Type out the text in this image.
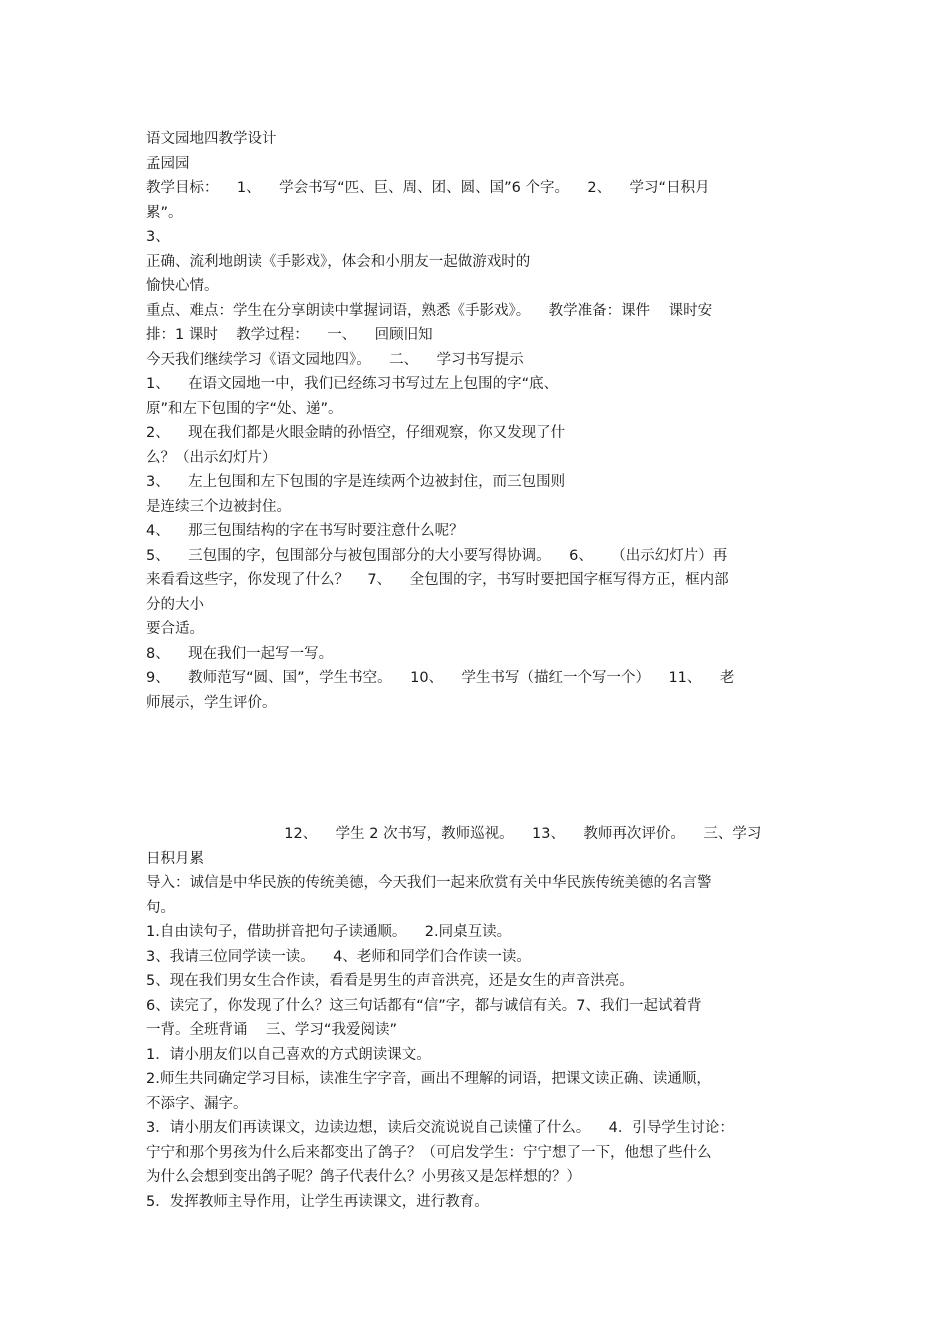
语文园地四教学设计
孟园园
教学目标：    1、    学会书写“匹、巨、周、团、圆、国”6 个字。    2、    学习“日积月
累”。
3、
正确、流利地朗读《手影戏》，体会和小朋友一起做游戏时的
愉快心情。
重点、难点：学生在分享朗读中掌握词语，熟悉《手影戏》。    教学准备：课件    课时安
排：1 课时    教学过程：    一、    回顾旧知
今天我们继续学习《语文园地四》。    二、    学习书写提示
1、    在语文园地一中，我们已经练习书写过左上包围的字“底、
原”和左下包围的字“处、递”。
2、    现在我们都是火眼金睛的孙悟空，仔细观察，你又发现了什
么？（出示幻灯片）
3、    左上包围和左下包围的字是连续两个边被封住，而三包围则
是连续三个边被封住。
4、    那三包围结构的字在书写时要注意什么呢？
5、    三包围的字，包围部分与被包围部分的大小要写得协调。    6、    （出示幻灯片）再
来看看这些字，你发现了什么？    7、    全包围的字，书写时要把国字框写得方正，框内部
分的大小
要合适。
8、    现在我们一起写一写。
9、    教师范写“圆、国”，学生书空。    10、    学生书写（描红一个写一个）    11、    老
师展示，学生评价。
12、    学生 2 次书写，教师巡视。    13、    教师再次评价。    三、学习
日积月累
导入：诚信是中华民族的传统美德，今天我们一起来欣赏有关中华民族传统美德的名言警
句。
1.自由读句子，借助拼音把句子读通顺。    2.同桌互读。
3、我请三位同学读一读。    4、老师和同学们合作读一读。
5、现在我们男女生合作读，看看是男生的声音洪亮，还是女生的声音洪亮。
6、读完了，你发现了什么？这三句话都有“信”字，都与诚信有关。7、我们一起试着背
一背。全班背诵    三、学习“我爱阅读”
1．请小朋友们以自己喜欢的方式朗读课文。
2.师生共同确定学习目标，读准生字字音，画出不理解的词语，把课文读正确、读通顺，
不添字、漏字。
3．请小朋友们再读课文，边读边想，读后交流说说自己读懂了什么。    4．引导学生讨论：
宁宁和那个男孩为什么后来都变出了鸽子？（可启发学生：宁宁想了一下，他想了些什么
为什么会想到变出鸽子呢？鸽子代表什么？小男孩又是怎样想的？）
5．发挥教师主导作用，让学生再读课文，进行教育。
